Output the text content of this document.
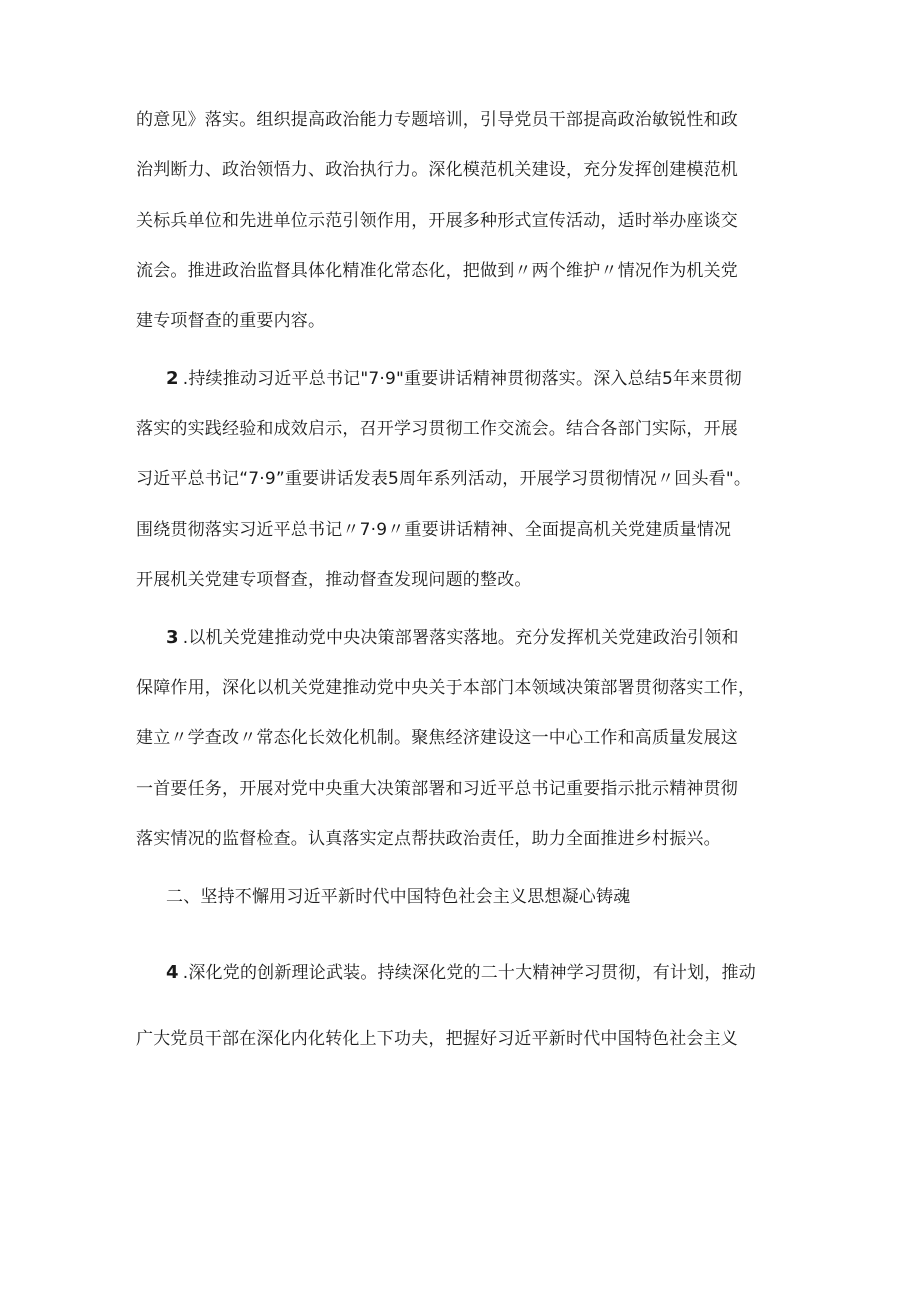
的意见》落实。组织提高政治能力专题培训，引导党员干部提高政治敏锐性和政
治判断力、政治领悟力、政治执行力。深化模范机关建设，充分发挥创建模范机
关标兵单位和先进单位示范引领作用，开展多种形式宣传活动，适时举办座谈交
流会。推进政治监督具体化精准化常态化，把做到〃两个维护〃情况作为机关党
建专项督查的重要内容。
2 .持续推动习近平总书记"7·9"重要讲话精神贯彻落实。深入总结5年来贯彻
落实的实践经验和成效启示，召开学习贯彻工作交流会。结合各部门实际，开展
习近平总书记“7·9”重要讲话发表5周年系列活动，开展学习贯彻情况〃回头看"。
围绕贯彻落实习近平总书记〃7·9〃重要讲话精神、全面提高机关党建质量情况
开展机关党建专项督查，推动督查发现问题的整改。
3 .以机关党建推动党中央决策部署落实落地。充分发挥机关党建政治引领和
保障作用，深化以机关党建推动党中央关于本部门本领域决策部署贯彻落实工作，
建立〃学查改〃常态化长效化机制。聚焦经济建设这一中心工作和高质量发展这
一首要任务，开展对党中央重大决策部署和习近平总书记重要指示批示精神贯彻
落实情况的监督检查。认真落实定点帮扶政治责任，助力全面推进乡村振兴。
二、坚持不懈用习近平新时代中国特色社会主义思想凝心铸魂
4 .深化党的创新理论武装。持续深化党的二十大精神学习贯彻，有计划，推动
广大党员干部在深化内化转化上下功夫，把握好习近平新时代中国特色社会主义
